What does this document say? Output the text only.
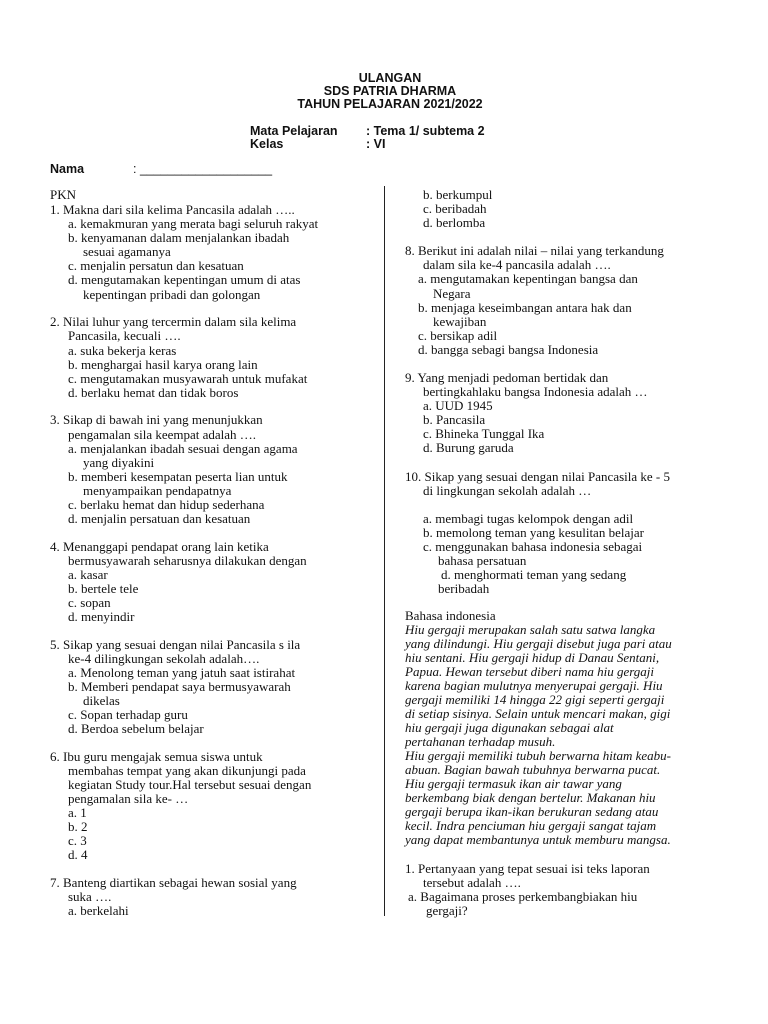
ULANGAN
SDS PATRIA DHARMA
TAHUN PELAJARAN 2021/2022
Mata Pelajaran : Tema 1/ subtema 2
Kelas	: VI
Nama	: ___________________
PKN
1. Makna dari sila kelima Pancasila adalah …..
a. kemakmuran yang merata bagi seluruh rakyat
b. kenyamanan dalam menjalankan ibadah
sesuai agamanya
c. menjalin persatun dan kesatuan
d. mengutamakan kepentingan umum di atas
kepentingan pribadi dan golongan
2. Nilai luhur yang tercermin dalam sila kelima
Pancasila, kecuali ….
a. suka bekerja keras
b. menghargai hasil karya orang lain
c. mengutamakan musyawarah untuk mufakat
d. berlaku hemat dan tidak boros
3. Sikap di bawah ini yang menunjukkan
pengamalan sila keempat adalah ….
a. menjalankan ibadah sesuai dengan agama
yang diyakini
b. memberi kesempatan peserta lian untuk
menyampaikan pendapatnya
c. berlaku hemat dan hidup sederhana
d. menjalin persatuan dan kesatuan
4. Menanggapi pendapat orang lain ketika
bermusyawarah seharusnya dilakukan dengan
a. kasar
b. bertele tele
c. sopan
d. menyindir
5. Sikap yang sesuai dengan nilai Pancasila s ila
ke-4 dilingkungan sekolah adalah….
a. Menolong teman yang jatuh saat istirahat
b. Memberi pendapat saya bermusyawarah
dikelas
c. Sopan terhadap guru
d. Berdoa sebelum belajar
6. Ibu guru mengajak semua siswa untuk
membahas tempat yang akan dikunjungi pada
kegiatan Study tour.Hal tersebut sesuai dengan
pengamalan sila ke- …
a. 1
b. 2
c. 3
d. 4
7. Banteng diartikan sebagai hewan sosial yang
suka ….
a. berkelahi
b. berkumpul
c. beribadah
d. berlomba
8. Berikut ini adalah nilai – nilai yang terkandung
dalam sila ke-4 pancasila adalah ….
a. mengutamakan kepentingan bangsa dan
Negara
b. menjaga keseimbangan antara hak dan
kewajiban
c. bersikap adil
d. bangga sebagi bangsa Indonesia
9. Yang menjadi pedoman bertidak dan
bertingkahlaku bangsa Indonesia adalah …
a. UUD 1945
b. Pancasila
c. Bhineka Tunggal Ika
d. Burung garuda
10. Sikap yang sesuai dengan nilai Pancasila ke - 5
di lingkungan sekolah adalah …
a. membagi tugas kelompok dengan adil
b. memolong teman yang kesulitan belajar
c. menggunakan bahasa indonesia sebagai
bahasa persatuan
d. menghormati teman yang sedang
beribadah
Bahasa indonesia
Hiu gergaji merupakan salah satu satwa langka
yang dilindungi. Hiu gergaji disebut juga pari atau
hiu sentani. Hiu gergaji hidup di Danau Sentani,
Papua. Hewan tersebut diberi nama hiu gergaji
karena bagian mulutnya menyerupai gergaji. Hiu
gergaji memiliki 14 hingga 22 gigi seperti gergaji
di setiap sisinya. Selain untuk mencari makan, gigi
hiu gergaji juga digunakan sebagai alat
pertahanan terhadap musuh.
Hiu gergaji memiliki tubuh berwarna hitam keabu-
abuan. Bagian bawah tubuhnya berwarna pucat.
Hiu gergaji termasuk ikan air tawar yang
berkembang biak dengan bertelur. Makanan hiu
gergaji berupa ikan-ikan berukuran sedang atau
kecil. Indra penciuman hiu gergaji sangat tajam
yang dapat membantunya untuk memburu mangsa.
1. Pertanyaan yang tepat sesuai isi teks laporan
tersebut adalah ….
a. Bagaimana proses perkembangbiakan hiu
gergaji?
